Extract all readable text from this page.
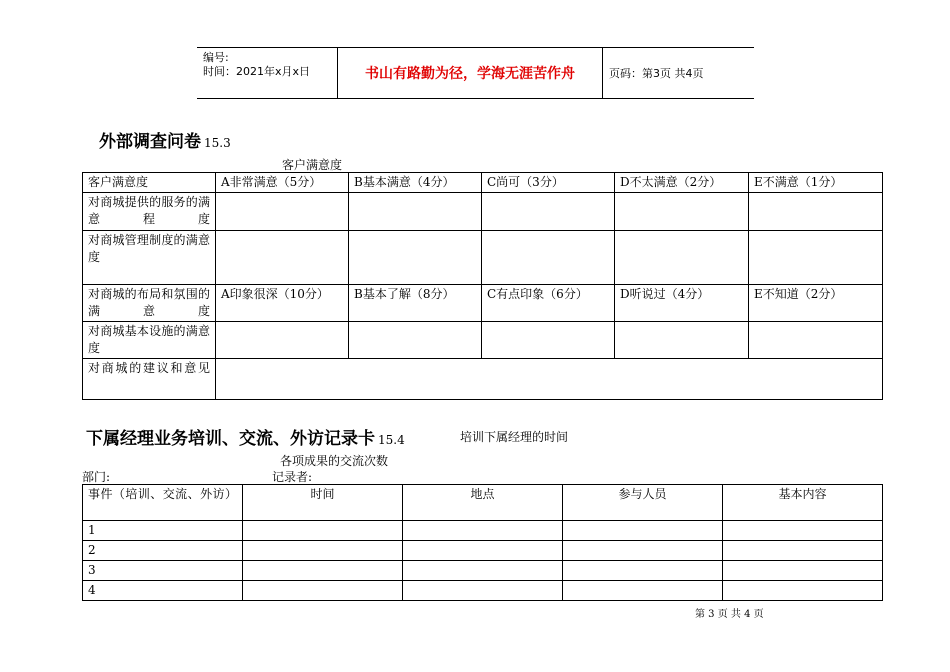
编号:
时间：2021年x月x日	书山有路勤为径，学海无涯苦作舟	页码：第3页 共4页
外部调查问卷 15.3
客户满意度
客户满意度	A非常满意（5分）	B基本满意（4分）	C尚可（3分）	D不太满意（2分）	E不满意（1分）
对商城提供的服务的满意程度					
对商城管理制度的满意度					
对商城的布局和氛围的满意度	A印象很深（10分）	B基本了解（8分）	C有点印象（6分）	D听说过（4分）	E不知道（2分）
对商城基本设施的满意度					
对商城的建议和意见					
下属经理业务培训、交流、外访记录卡 15.4	培训下属经理的时间
各项成果的交流次数
部门:	记录者:
事件（培训、交流、外访）	时间	地点	参与人员	基本内容
1				
2				
3				
4				
第 3 页 共 4 页
